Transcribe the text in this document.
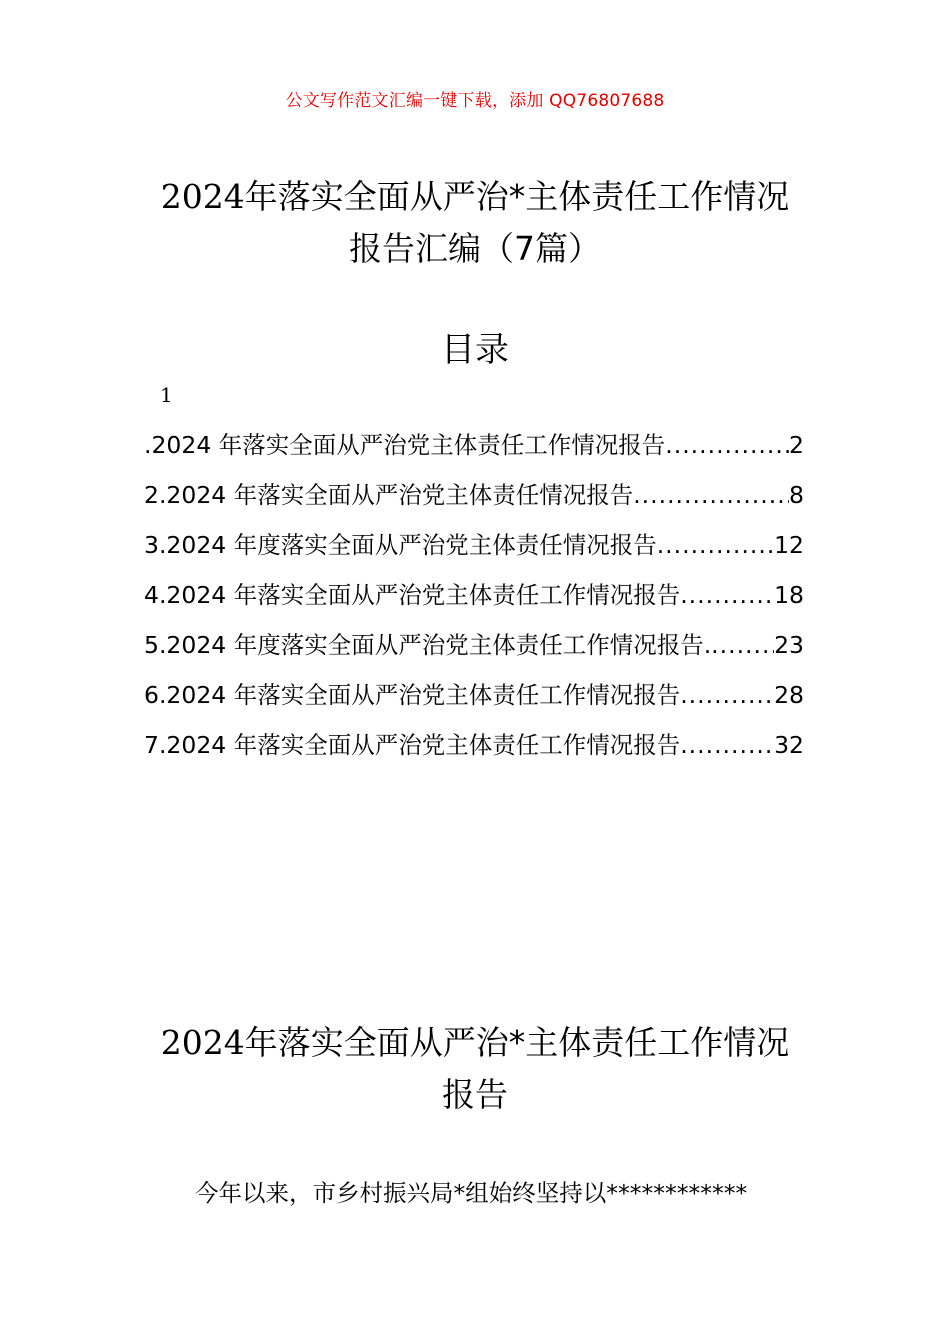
公文写作范文汇编一键下载，添加 QQ76807688
2024年落实全面从严治*主体责任工作情况
报告汇编（7篇）
目录
1
.2024 年落实全面从严治党主体责任工作情况报告 .....	2
2.2024 年落实全面从严治党主体责任情况报告 .....	8
3.2024 年度落实全面从严治党主体责任情况报告 .....	12
4.2024 年落实全面从严治党主体责任工作情况报告 .....	18
5.2024 年度落实全面从严治党主体责任工作情况报告. .....	23
6.2024 年落实全面从严治党主体责任工作情况报告 .....	28
7.2024 年落实全面从严治党主体责任工作情况报告 .....	32
2024年落实全面从严治*主体责任工作情况
报告

今年以来，市乡村振兴局*组始终坚持以************
